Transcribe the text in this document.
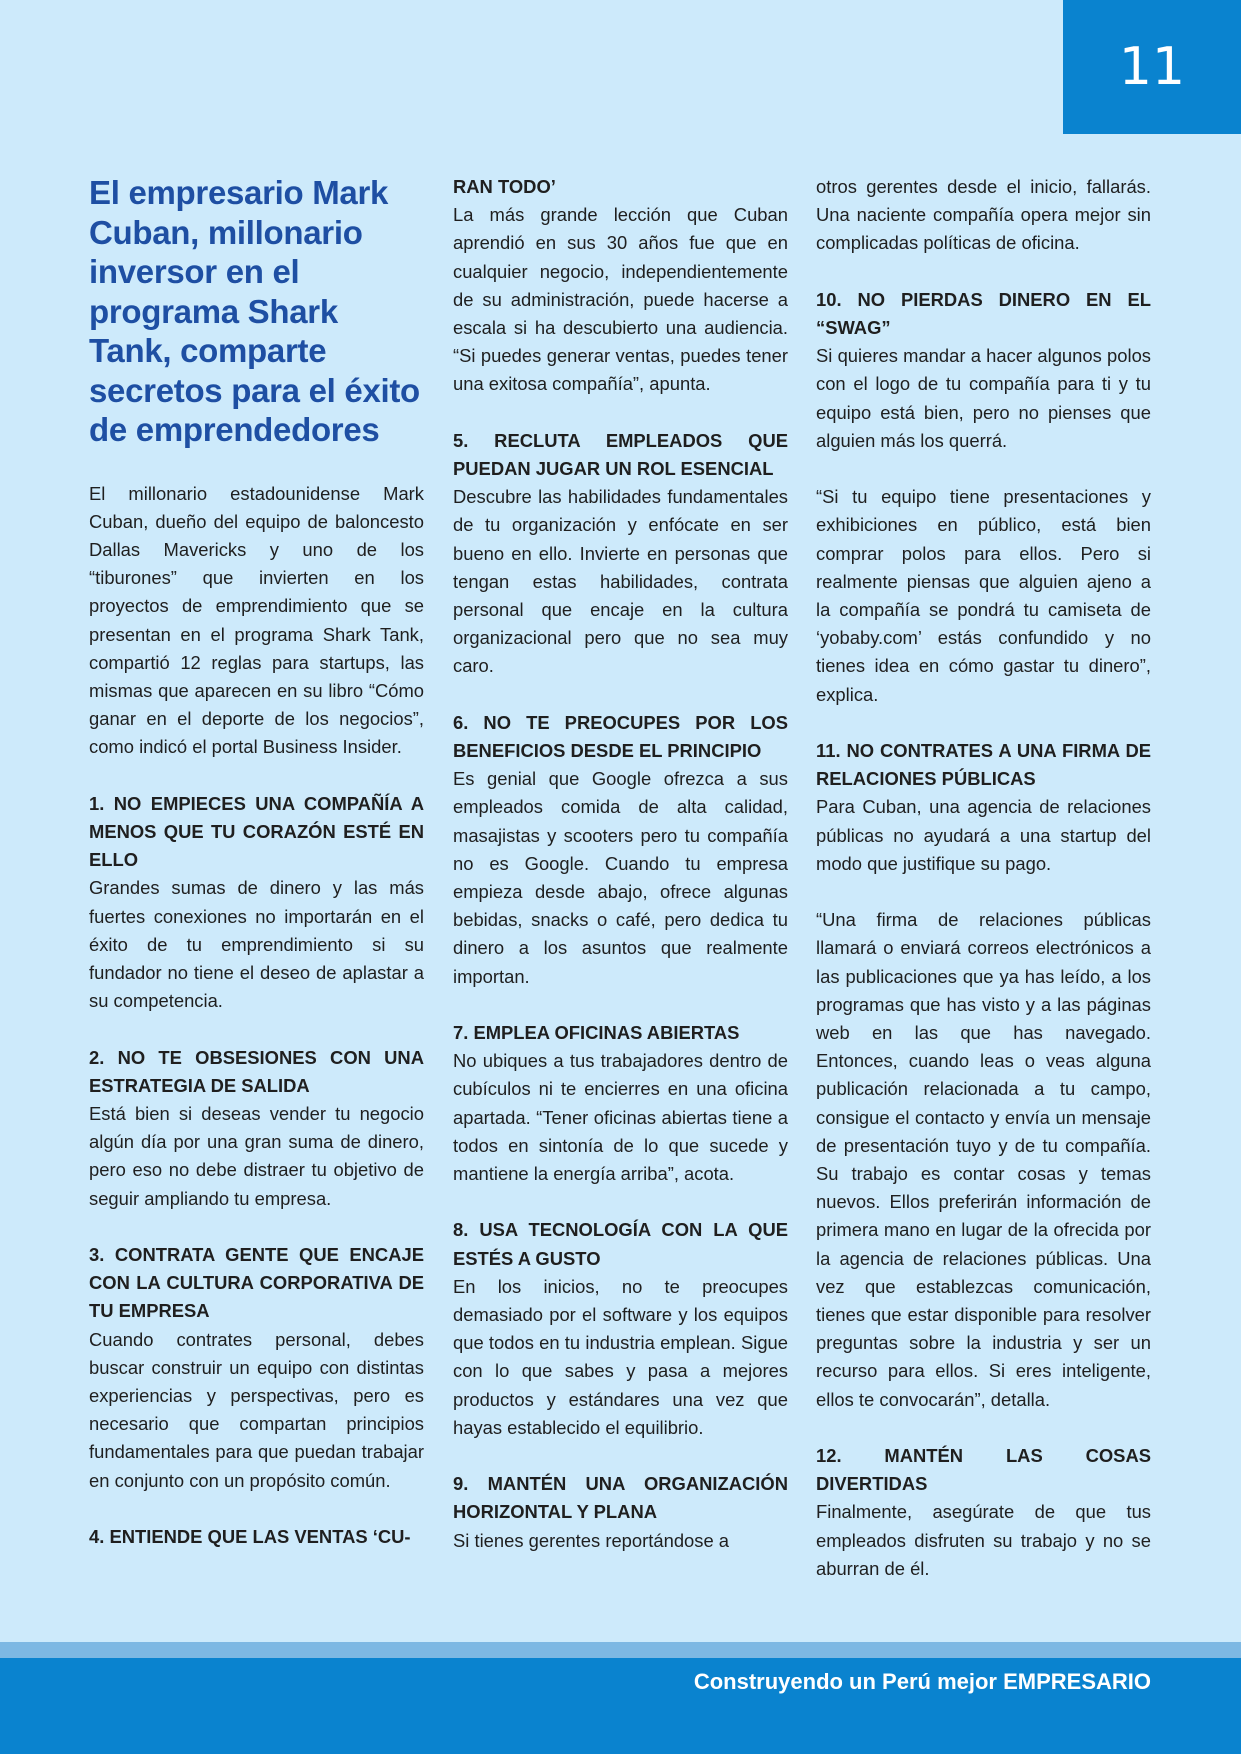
11
El empresario Mark Cuban, millonario inversor en el programa Shark Tank, comparte secretos para el éxito de emprendedores

El millonario estadounidense Mark Cuban, dueño del equipo de baloncesto Dallas Mavericks y uno de los “tiburones” que invierten en los proyectos de emprendimiento que se presentan en el programa Shark Tank, compartió 12 reglas para startups, las mismas que aparecen en su libro “Cómo ganar en el deporte de los negocios”, como indicó el portal Business Insider.

1. NO EMPIECES UNA COMPAÑÍA A MENOS QUE TU CORAZÓN ESTÉ EN ELLO
Grandes sumas de dinero y las más fuertes conexiones no importarán en el éxito de tu emprendimiento si su fundador no tiene el deseo de aplastar a su competencia.

2. NO TE OBSESIONES CON UNA ESTRATEGIA DE SALIDA
Está bien si deseas vender tu negocio algún día por una gran suma de dinero, pero eso no debe distraer tu objetivo de seguir ampliando tu empresa.

3. CONTRATA GENTE QUE ENCAJE CON LA CULTURA CORPORATIVA DE TU EMPRESA
Cuando contrates personal, debes buscar construir un equipo con distintas experiencias y perspectivas, pero es necesario que compartan principios fundamentales para que puedan trabajar en conjunto con un propósito común.

4. ENTIENDE QUE LAS VENTAS ‘CU-

RAN TODO’
La más grande lección que Cuban aprendió en sus 30 años fue que en cualquier negocio, independientemente de su administración, puede hacerse a escala si ha descubierto una audiencia. “Si puedes generar ventas, puedes tener una exitosa compañía”, apunta.

5. RECLUTA EMPLEADOS QUE PUEDAN JUGAR UN ROL ESENCIAL
Descubre las habilidades fundamentales de tu organización y enfócate en ser bueno en ello. Invierte en personas que tengan estas habilidades, contrata personal que encaje en la cultura organizacional pero que no sea muy caro.

6. NO TE PREOCUPES POR LOS BENEFICIOS DESDE EL PRINCIPIO
Es genial que Google ofrezca a sus empleados comida de alta calidad, masajistas y scooters pero tu compañía no es Google. Cuando tu empresa empieza desde abajo, ofrece algunas bebidas, snacks o café, pero dedica tu dinero a los asuntos que realmente importan.

7. EMPLEA OFICINAS ABIERTAS
No ubiques a tus trabajadores dentro de cubículos ni te encierres en una oficina apartada. “Tener oficinas abiertas tiene a todos en sintonía de lo que sucede y mantiene la energía arriba”, acota.

8. USA TECNOLOGÍA CON LA QUE ESTÉS A GUSTO
En los inicios, no te preocupes demasiado por el software y los equipos que todos en tu industria emplean. Sigue con lo que sabes y pasa a mejores productos y estándares una vez que hayas establecido el equilibrio.

9. MANTÉN UNA ORGANIZACIÓN HORIZONTAL Y PLANA
Si tienes gerentes reportándose a

otros gerentes desde el inicio, fallarás. Una naciente compañía opera mejor sin complicadas políticas de oficina.

10. NO PIERDAS DINERO EN EL “SWAG”
Si quieres mandar a hacer algunos polos con el logo de tu compañía para ti y tu equipo está bien, pero no pienses que alguien más los querrá.

“Si tu equipo tiene presentaciones y exhibiciones en público, está bien comprar polos para ellos. Pero si realmente piensas que alguien ajeno a la compañía se pondrá tu camiseta de ‘yobaby.com’ estás confundido y no tienes idea en cómo gastar tu dinero”, explica.

11. NO CONTRATES A UNA FIRMA DE RELACIONES PÚBLICAS
Para Cuban, una agencia de relaciones públicas no ayudará a una startup del modo que justifique su pago.

“Una firma de relaciones públicas llamará o enviará correos electrónicos a las publicaciones que ya has leído, a los programas que has visto y a las páginas web en las que has navegado. Entonces, cuando leas o veas alguna publicación relacionada a tu campo, consigue el contacto y envía un mensaje de presentación tuyo y de tu compañía. Su trabajo es contar cosas y temas nuevos. Ellos preferirán información de primera mano en lugar de la ofrecida por la agencia de relaciones públicas. Una vez que establezcas comunicación, tienes que estar disponible para resolver preguntas sobre la industria y ser un recurso para ellos. Si eres inteligente, ellos te convocarán”, detalla.

12. MANTÉN LAS COSAS DIVERTIDAS
Finalmente, asegúrate de que tus empleados disfruten su trabajo y no se aburran de él.

Construyendo un Perú mejor EMPRESARIO
